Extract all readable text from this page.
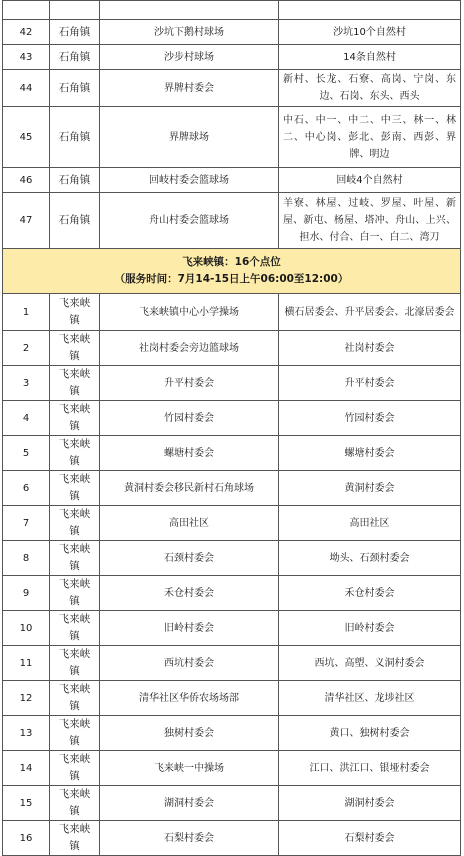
42	石角镇	沙坑下鹅村球场	沙坑10个自然村
43	石角镇	沙步村球场	14条自然村
44	石角镇	界牌村委会	新村、长龙、石寮、高岗、宁岗、东边、石岗、东头、西头
45	石角镇	界牌球场	中石、中一、中二、中三、林一、林二、中心岗、彭北、彭南、西彭、界牌、明边
46	石角镇	回岐村委会篮球场	回岐4个自然村
47	石角镇	舟山村委会篮球场	羊寮、林屋、过岐、罗屋、叶屋、新屋、新屯、杨屋、塔冲、舟山、上兴、担水、付合、白一、白二、湾刀

飞来峡镇：16个点位
（服务时间：7月14-15日上午06:00至12:00）			

1	飞来峡镇	飞来峡镇中心小学操场	横石居委会、升平居委会、北濠居委会
2	飞来峡镇	社岗村委会旁边篮球场	社岗村委会
3	飞来峡镇	升平村委会	升平村委会
4	飞来峡镇	竹园村委会	竹园村委会
5	飞来峡镇	螺塘村委会	螺塘村委会
6	飞来峡镇	黄洞村委会移民新村石角球场	黄洞村委会
7	飞来峡镇	高田社区	高田社区
8	飞来峡镇	石颈村委会	坳头、石颈村委会
9	飞来峡镇	禾仓村委会	禾仓村委会
10	飞来峡镇	旧岭村委会	旧岭村委会
11	飞来峡镇	西坑村委会	西坑、高塱、义洞村委会
12	飞来峡镇	清华社区华侨农场场部	清华社区、龙埗社区
13	飞来峡镇	独树村委会	黄口、独树村委会
14	飞来峡镇	飞来峡一中操场	江口、洪江口、银垭村委会
15	飞来峡镇	湖洞村委会	湖洞村委会
16	飞来峡镇	石梨村委会	石梨村委会
